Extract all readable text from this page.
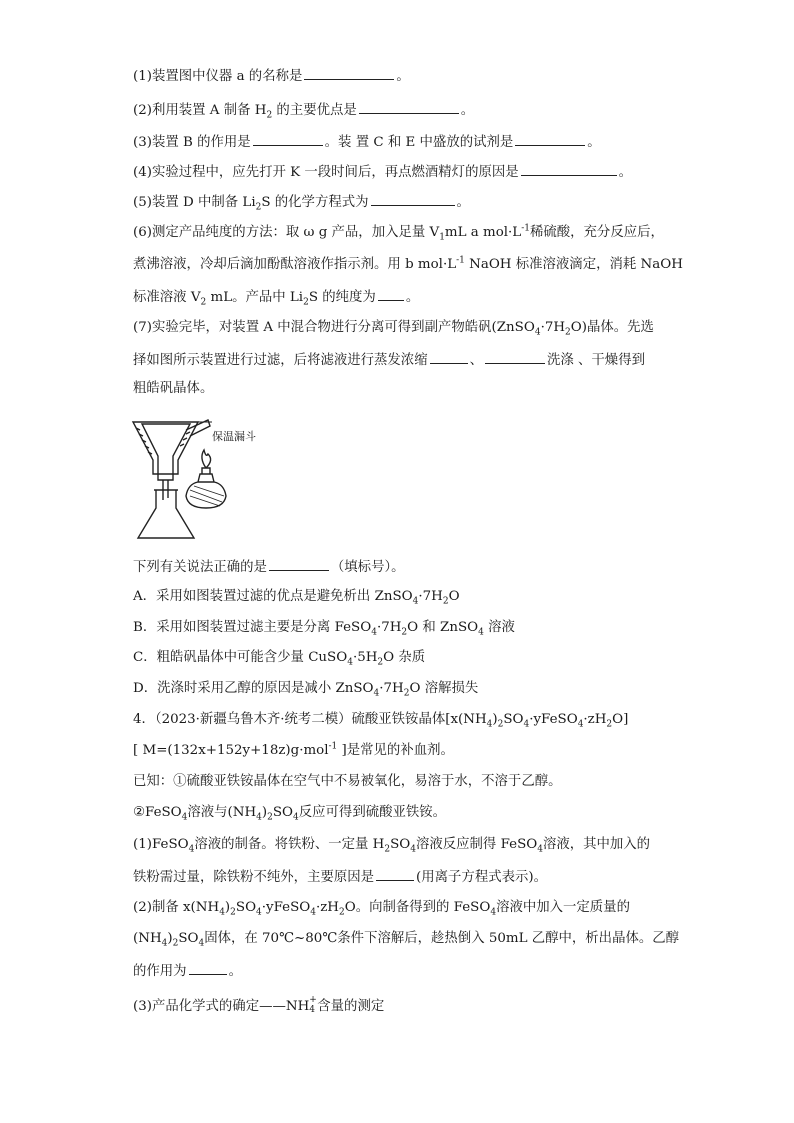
(1)装置图中仪器 a 的名称是	。
(2)利用装置 A 制备 $H_2$ 的主要优点是	。
(3)装置 B 的作用是	。装 置 C 和 E 中盛放的试剂是	。
(4)实验过程中，应先打开 K 一段时间后，再点燃酒精灯的原因是	。
(5)装置 D 中制备 $Li_2S$ 的化学方程式为	。
(6)测定产品纯度的方法：取 ω g 产品，加入足量 $V_1mL$ a $mol\cdot L^{-1}$稀硫酸，充分反应后，
煮沸溶液，冷却后滴加酚酞溶液作指示剂。用 b $mol\cdot L^{-1}$ NaOH 标准溶液滴定，消耗 NaOH
标准溶液 $V_2$ mL。产品中 $Li_2S$ 的纯度为 。
(7)实验完毕，对装置 A 中混合物进行分离可得到副产物皓矾$(ZnSO_4\cdot 7H_2O)$晶体。先选
择如图所示装置进行过滤，后将滤液进行蒸发浓缩	、	洗涤 、干燥得到
粗皓矾晶体。
保温漏斗
下列有关说法正确的是	（填标号）。
A．采用如图装置过滤的优点是避免析出 $ZnSO_4\cdot 7H_2O$
B．采用如图装置过滤主要是分离 $FeSO_4\cdot 7H_2O$ 和 ZnSO$_4$ 溶液
C．粗皓矾晶体中可能含少量 $CuSO_4\cdot 5H_2O$ 杂质
D．洗涤时采用乙醇的原因是减小 $ZnSO_4\cdot 7H_2O$ 溶解损失
4．（2023·新疆乌鲁木齐·统考二模）硫酸亚铁铵晶体$[x(NH_4)_2SO_4\cdot yFeSO_4\cdot zH_2O]$
[ M=(132x+152y+18z)g·mol$^{-1}$ ]是常见的补血剂。
已知：①硫酸亚铁铵晶体在空气中不易被氧化，易溶于水，不溶于乙醇。
②FeSO$_4$溶液与$(NH_4)_2SO_4$反应可得到硫酸亚铁铵。
(1)FeSO$_4$溶液的制备。将铁粉、一定量 $H_2SO_4$溶液反应制得 FeSO$_4$溶液，其中加入的
铁粉需过量，除铁粉不纯外，主要原因是	(用离子方程式表示)。
(2)制备 $x(NH_4)_2SO_4\cdot yFeSO_4\cdot zH_2O$。向制备得到的 FeSO$_4$溶液中加入一定质量的
$(NH_4)_2SO_4$固体，在 70℃~80℃条件下溶解后，趁热倒入 50mL 乙醇中，析出晶体。乙醇
的作用为	。
(3)产品化学式的确定——NH +
4 含量的测定
